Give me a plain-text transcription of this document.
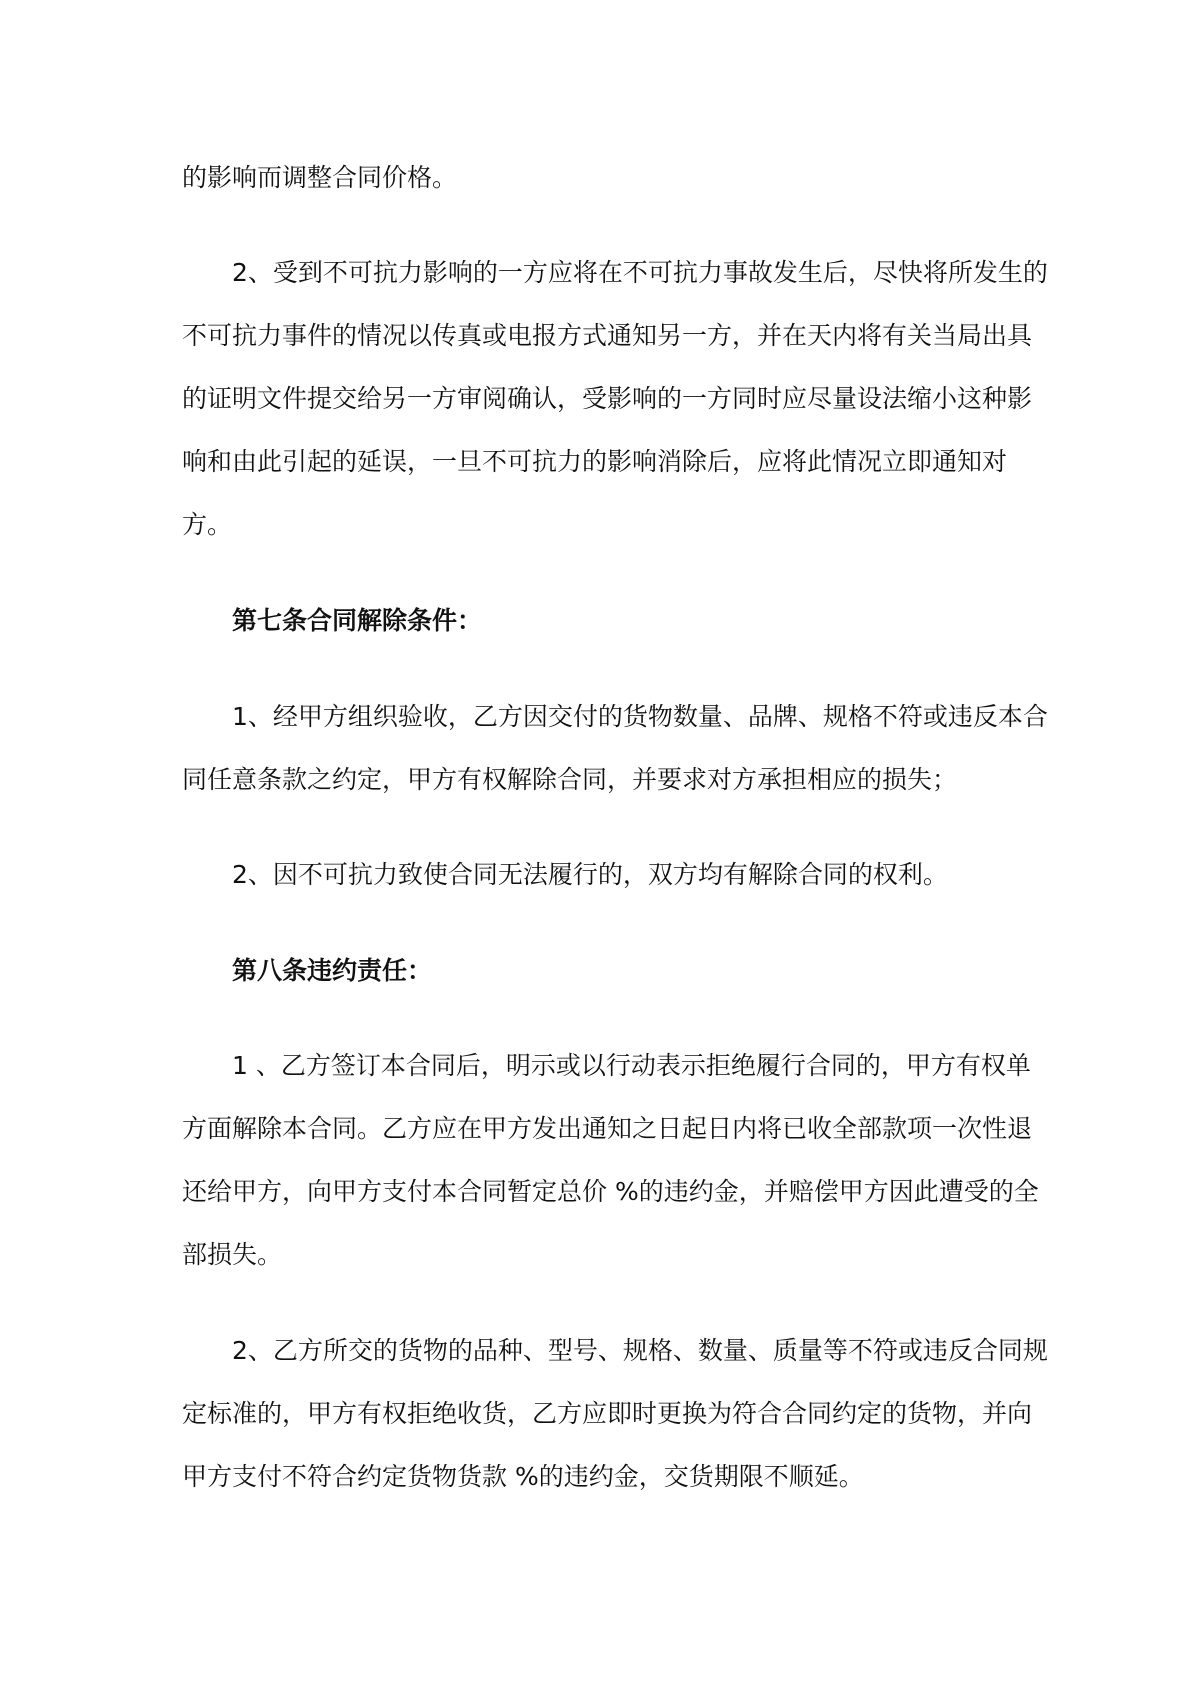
的影响而调整合同价格。
2、受到不可抗力影响的一方应将在不可抗力事故发生后，尽快将所发生的
不可抗力事件的情况以传真或电报方式通知另一方，并在天内将有关当局出具
的证明文件提交给另一方审阅确认，受影响的一方同时应尽量设法缩小这种影
响和由此引起的延误，一旦不可抗力的影响消除后，应将此情况立即通知对
方。
第七条合同解除条件：
1、经甲方组织验收，乙方因交付的货物数量、品牌、规格不符或违反本合
同任意条款之约定，甲方有权解除合同，并要求对方承担相应的损失；
2、因不可抗力致使合同无法履行的，双方均有解除合同的权利。
第八条违约责任：
1 、乙方签订本合同后，明示或以行动表示拒绝履行合同的，甲方有权单
方面解除本合同。乙方应在甲方发出通知之日起日内将已收全部款项一次性退
还给甲方，向甲方支付本合同暂定总价 %的违约金，并赔偿甲方因此遭受的全
部损失。
2、乙方所交的货物的品种、型号、规格、数量、质量等不符或违反合同规
定标准的，甲方有权拒绝收货，乙方应即时更换为符合合同约定的货物，并向
甲方支付不符合约定货物货款 %的违约金，交货期限不顺延。
